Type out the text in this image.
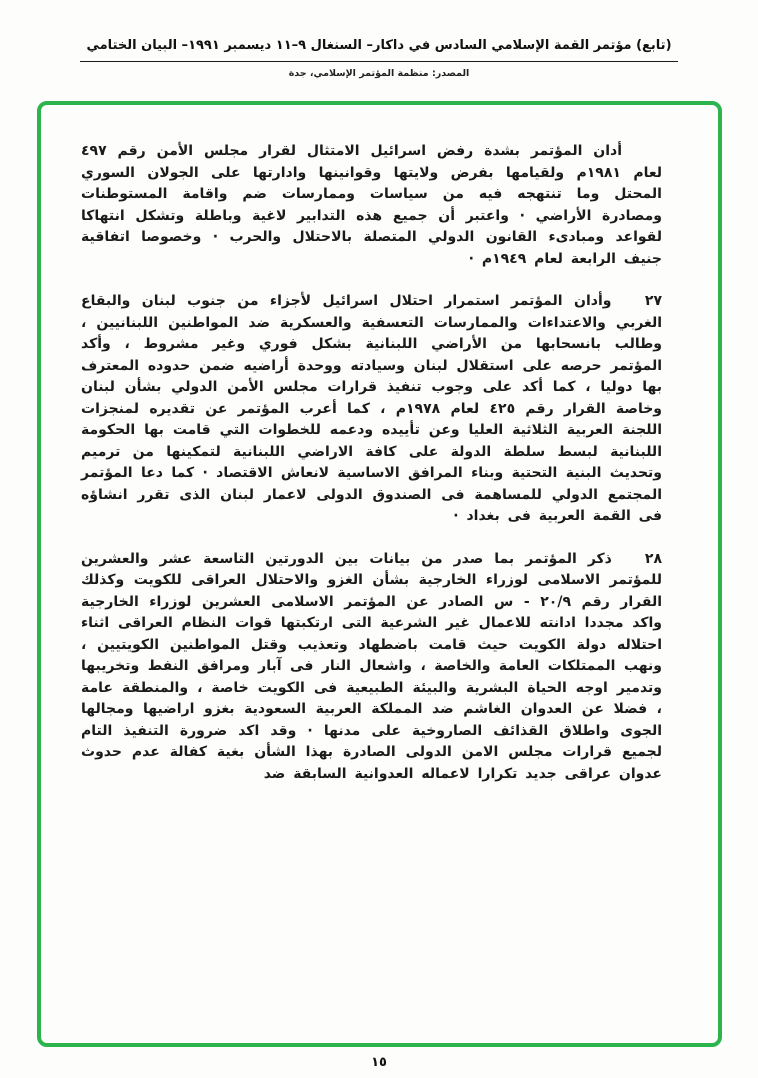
(تابع) مؤتمر القمة الإسلامي السادس في داكار– السنغال ٩–١١ ديسمبر ١٩٩١– البيان الختامي
المصدر: منظمة المؤتمر الإسلامي، جدة

أدان المؤتمر بشدة رفض اسرائيل الامتثال لقرار مجلس الأمن رقم ٤٩٧ لعام ١٩٨١م ولقيامها بفرض ولايتها وقوانينها وادارتها على الجولان السوري المحتل وما تنتهجه فيه من سياسات وممارسات ضم واقامة المستوطنات ومصادرة الأراضي · واعتبر أن جميع هذه التدابير لاغية وباطلة وتشكل انتهاكا لقواعد ومبادىء القانون الدولي المتصلة بالاحتلال والحرب · وخصوصا اتفاقية جنيف الرابعة لعام ١٩٤٩م ·

٢٧ وأدان المؤتمر استمرار احتلال اسرائيل لأجزاء من جنوب لبنان والبقاع الغربي والاعتداءات والممارسات التعسفية والعسكرية ضد المواطنين اللبنانيين ، وطالب بانسحابها من الأراضي اللبنانية بشكل فوري وغير مشروط ، وأكد المؤتمر حرصه على استقلال لبنان وسيادته ووحدة أراضيه ضمن حدوده المعترف بها دوليا ، كما أكد على وجوب تنفيذ قرارات مجلس الأمن الدولي بشأن لبنان وخاصة القرار رقم ٤٢٥ لعام ١٩٧٨م ، كما أعرب المؤتمر عن تقديره لمنجزات اللجنة العربية الثلاثية العليا وعن تأييده ودعمه للخطوات التي قامت بها الحكومة اللبنانية لبسط سلطة الدولة على كافة الاراضي اللبنانية لتمكينها من ترميم وتحديث البنية التحتية وبناء المرافق الاساسية لانعاش الاقتصاد · كما دعا المؤتمر المجتمع الدولي للمساهمة فى الصندوق الدولى لاعمار لبنان الذى تقرر انشاؤه فى القمة العربية فى بغداد ·

٢٨ ذكر المؤتمر بما صدر من بيانات بين الدورتين التاسعة عشر والعشرين للمؤتمر الاسلامى لوزراء الخارجية بشأن الغزو والاحتلال العراقى للكويت وكذلك القرار رقم ٢٠/٩ - س الصادر عن المؤتمر الاسلامى العشرين لوزراء الخارجية واكد مجددا ادانته للاعمال غير الشرعية التى ارتكبتها قوات النظام العراقى اثناء احتلاله دولة الكويت حيث قامت باضطهاد وتعذيب وقتل المواطنين الكويتيين ، ونهب الممتلكات العامة والخاصة ، واشعال النار فى آبار ومرافق النفط وتخريبها وتدمير اوجه الحياة البشرية والبيئة الطبيعية فى الكويت خاصة ، والمنطقة عامة ، فضلا عن العدوان الغاشم ضد المملكة العربية السعودية بغزو اراضيها ومجالها الجوى واطلاق القذائف الصاروخية على مدنها · وقد اكد ضرورة التنفيذ التام لجميع قرارات مجلس الامن الدولى الصادرة بهذا الشأن بغية كفالة عدم حدوث عدوان عراقى جديد تكرارا لاعماله العدوانية السابقة ضد

١٥
